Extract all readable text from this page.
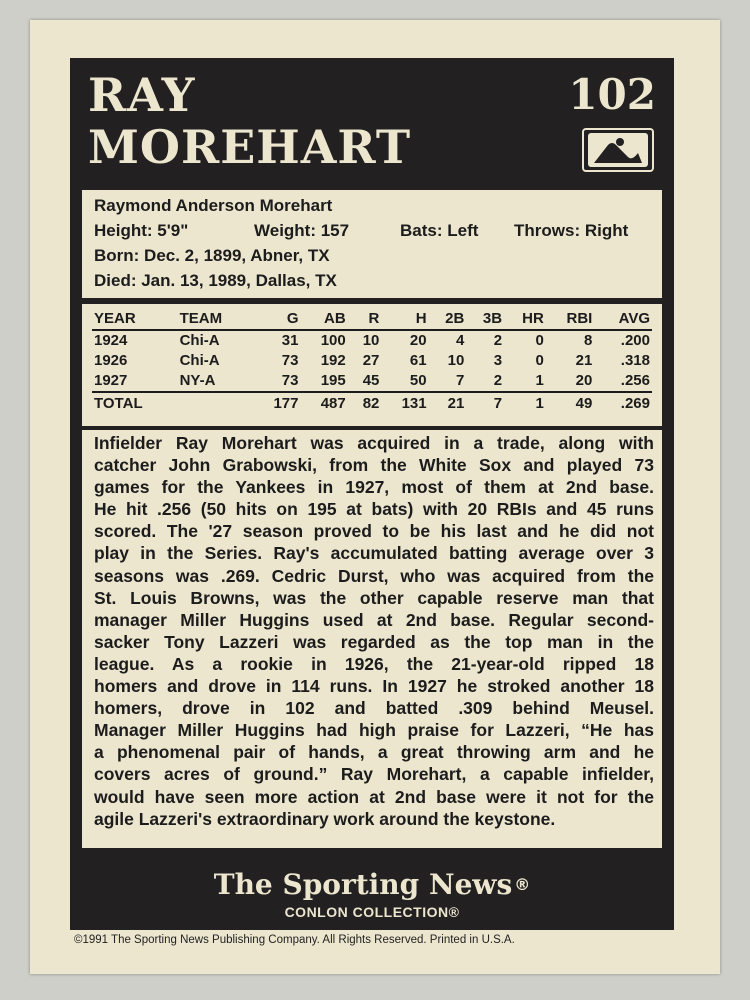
RAY
MOREHART
102
Raymond Anderson Morehart
Height: 5'9"	Weight: 157	Bats: Left Throws: Right
Born: Dec. 2, 1899, Abner, TX
Died: Jan. 13, 1989, Dallas, TX
YEAR	TEAM	G	AB	R	H	2B	3B	HR	RBI	AVG
1924	Chi-A	31	100	10	20	4	2	0	8	.200
1926	Chi-A	73	192	27	61	10	3	0	21	.318
1927	NY-A	73	195	45	50	7	2	1	20	.256
TOTAL		177	487	82	131	21	7	1	49	.269
Infielder Ray Morehart was acquired in a trade, along with
catcher John Grabowski, from the White Sox and played 73
games for the Yankees in 1927, most of them at 2nd base.
He hit .256 (50 hits on 195 at bats) with 20 RBIs and 45 runs
scored. The '27 season proved to be his last and he did not
play in the Series. Ray's accumulated batting average over 3
seasons was .269. Cedric Durst, who was acquired from the
St. Louis Browns, was the other capable reserve man that
manager Miller Huggins used at 2nd base. Regular second-
sacker Tony Lazzeri was regarded as the top man in the
league. As a rookie in 1926, the 21-year-old ripped 18
homers and drove in 114 runs. In 1927 he stroked another 18
homers, drove in 102 and batted .309 behind Meusel.
Manager Miller Huggins had high praise for Lazzeri, “He has
a phenomenal pair of hands, a great throwing arm and he
covers acres of ground.” Ray Morehart, a capable infielder,
would have seen more action at 2nd base were it not for the
agile Lazzeri's extraordinary work around the keystone.
The Sporting News ®
CONLON COLLECTION®
©1991 The Sporting News Publishing Company. All Rights Reserved. Printed in U.S.A.
